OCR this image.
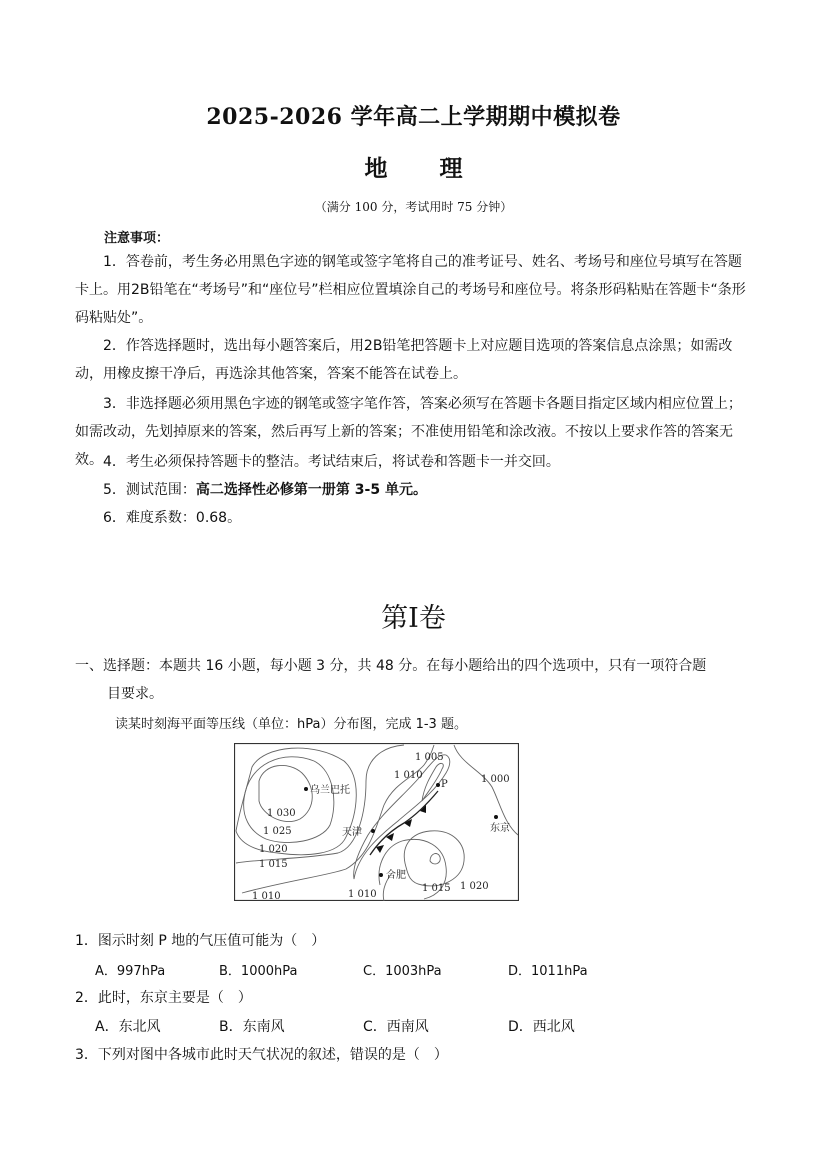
2025-2026 学年高二上学期期中模拟卷
地 理
（满分 100 分，考试用时 75 分钟）
注意事项：
1．答卷前，考生务必用黑色字迹的钢笔或签字笔将自己的准考证号、姓名、考场号和座位号填写在答题卡上。用2B铅笔在“考场号”和“座位号”栏相应位置填涂自己的考场号和座位号。将条形码粘贴在答题卡“条形码粘贴处”。
2．作答选择题时，选出每小题答案后，用2B铅笔把答题卡上对应题目选项的答案信息点涂黑；如需改动，用橡皮擦干净后，再选涂其他答案，答案不能答在试卷上。
3．非选择题必须用黑色字迹的钢笔或签字笔作答，答案必须写在答题卡各题目指定区域内相应位置上；如需改动，先划掉原来的答案，然后再写上新的答案；不准使用铅笔和涂改液。不按以上要求作答的答案无效。 4．考生必须保持答题卡的整洁。考试结束后，将试卷和答题卡一并交回。
5．测试范围：高二选择性必修第一册第 3-5 单元。
6．难度系数：0.68。
第Ⅰ卷
一、选择题：本题共 16 小题，每小题 3 分，共 48 分。在每小题给出的四个选项中，只有一项符合题
目要求。
读某时刻海平面等压线（单位：hPa）分布图，完成 1-3 题。
乌兰巴托
天津
合肥
东京
P
1 030
1 025
1 020
1 015
1 010
1 010
1 005
1 000
1 010
1 015 1 020
1．图示时刻 P 地的气压值可能为（　）
A．997hPa	B．1000hPa	C．1003hPa	D．1011hPa
2．此时，东京主要是（　）
A．东北风	B．东南风	C．西南风	D．西北风
3．下列对图中各城市此时天气状况的叙述，错误的是（　）
